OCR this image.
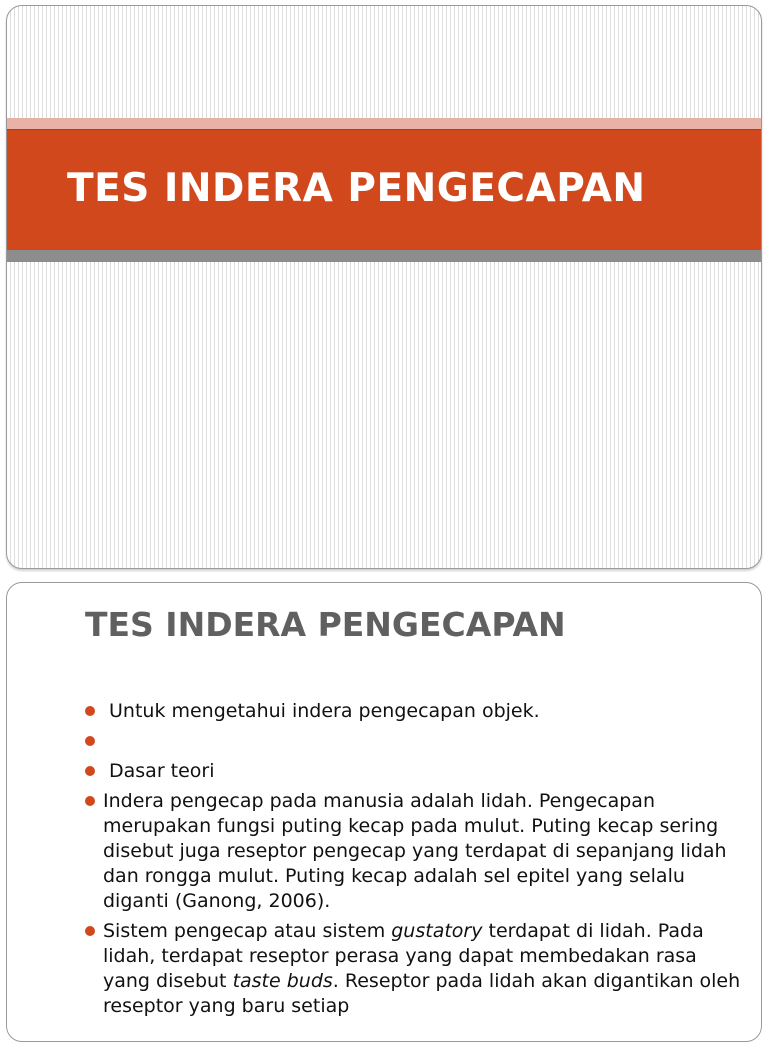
TES INDERA PENGECAPAN
TES INDERA PENGECAPAN
Untuk mengetahui indera pengecapan objek.
Dasar teori
Indera pengecap pada manusia adalah lidah. Pengecapan merupakan fungsi puting kecap pada mulut. Puting kecap sering disebut juga reseptor pengecap yang terdapat di sepanjang lidah dan rongga mulut. Puting kecap adalah sel epitel yang selalu diganti (Ganong, 2006).
Sistem pengecap atau sistem gustatory terdapat di lidah. Pada lidah, terdapat reseptor perasa yang dapat membedakan rasa yang disebut taste buds. Reseptor pada lidah akan digantikan oleh reseptor yang baru setiap
